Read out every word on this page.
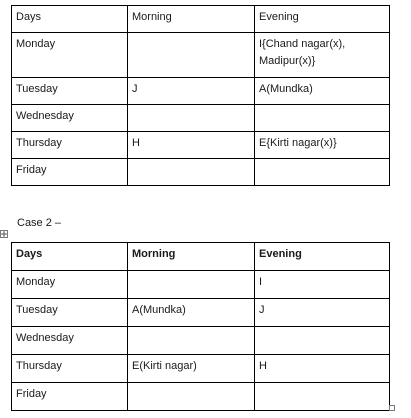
Days	Morning	Evening
Monday		I{Chand nagar(x),
Madipur(x)}

Tuesday	J	A(Mundka)
Wednesday		
Thursday	H	E{Kirti nagar(x)}
Friday		
Case 2 –
Days	Morning	Evening
Monday		I
Tuesday	A(Mundka)	J
Wednesday		
Thursday	E(Kirti nagar)	H
Friday		
